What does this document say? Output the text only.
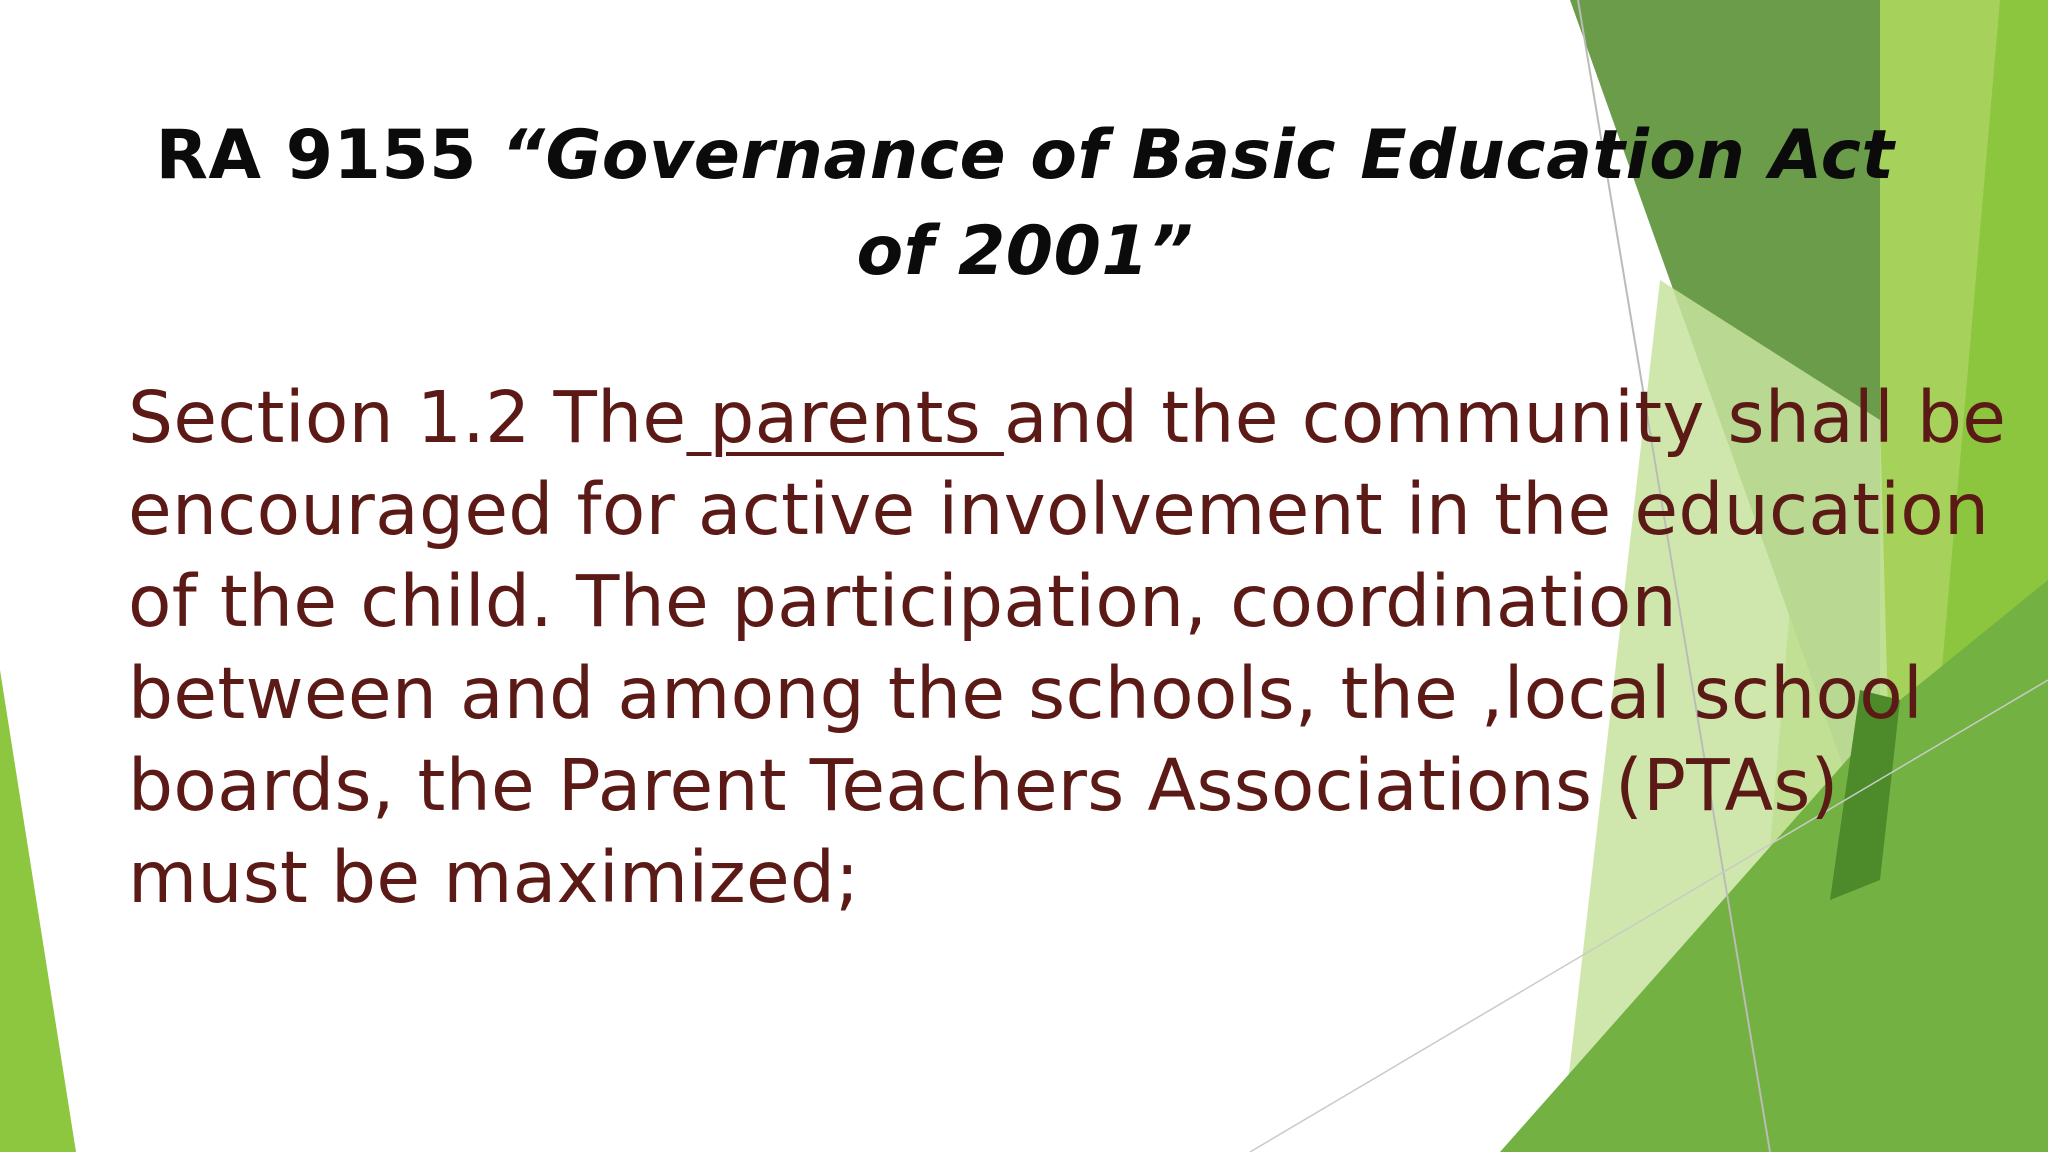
RA 9155 “Governance of Basic Education Act of 2001”
Section 1.2 The parents and the community shall be encouraged for active involvement in the education of the child. The participation, coordination between and among the schools, the ,local school boards, the Parent Teachers Associations (PTAs) must be maximized;
